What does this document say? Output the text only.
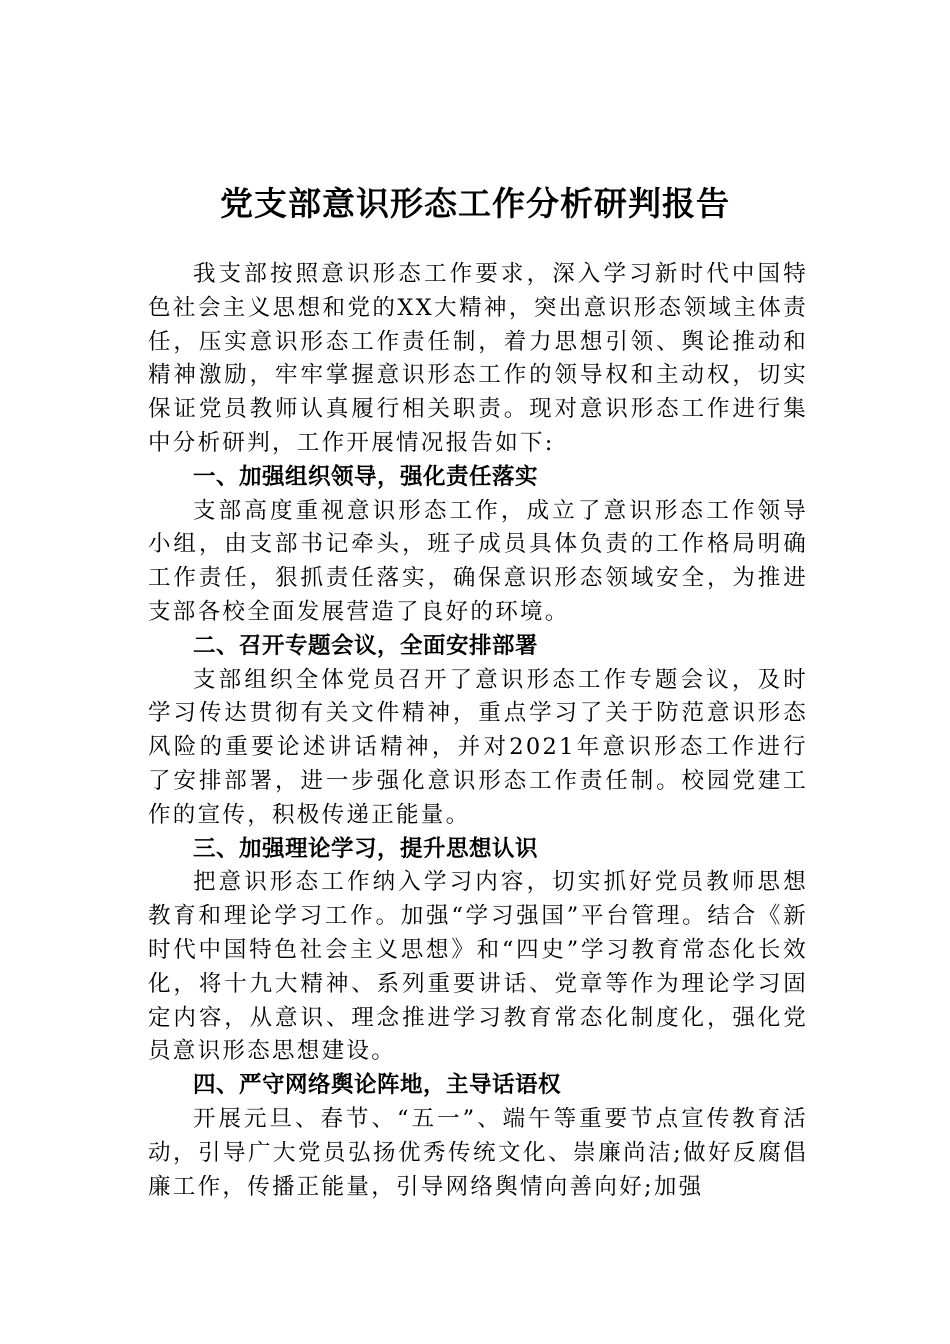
党支部意识形态工作分析研判报告

我支部按照意识形态工作要求，深入学习新时代中国特色社会主义思想和党的XX大精神，突出意识形态领域主体责任，压实意识形态工作责任制，着力思想引领、舆论推动和精神激励，牢牢掌握意识形态工作的领导权和主动权，切实保证党员教师认真履行相关职责。现对意识形态工作进行集中分析研判，工作开展情况报告如下:

一、加强组织领导，强化责任落实

支部高度重视意识形态工作，成立了意识形态工作领导小组，由支部书记牵头，班子成员具体负责的工作格局明确工作责任，狠抓责任落实，确保意识形态领域安全，为推进支部各校全面发展营造了良好的环境。

二、召开专题会议，全面安排部署

支部组织全体党员召开了意识形态工作专题会议，及时学习传达贯彻有关文件精神，重点学习了关于防范意识形态风险的重要论述讲话精神，并对2021年意识形态工作进行了安排部署，进一步强化意识形态工作责任制。校园党建工作的宣传，积极传递正能量。

三、加强理论学习，提升思想认识

把意识形态工作纳入学习内容，切实抓好党员教师思想教育和理论学习工作。加强“学习强国”平台管理。结合《新时代中国特色社会主义思想》和“四史”学习教育常态化长效化，将十九大精神、系列重要讲话、党章等作为理论学习固定内容，从意识、理念推进学习教育常态化制度化，强化党员意识形态思想建设。

四、严守网络舆论阵地，主导话语权

开展元旦、春节、“五一”、端午等重要节点宣传教育活动，引导广大党员弘扬优秀传统文化、崇廉尚洁;做好反腐倡廉工作，传播正能量，引导网络舆情向善向好;加强
